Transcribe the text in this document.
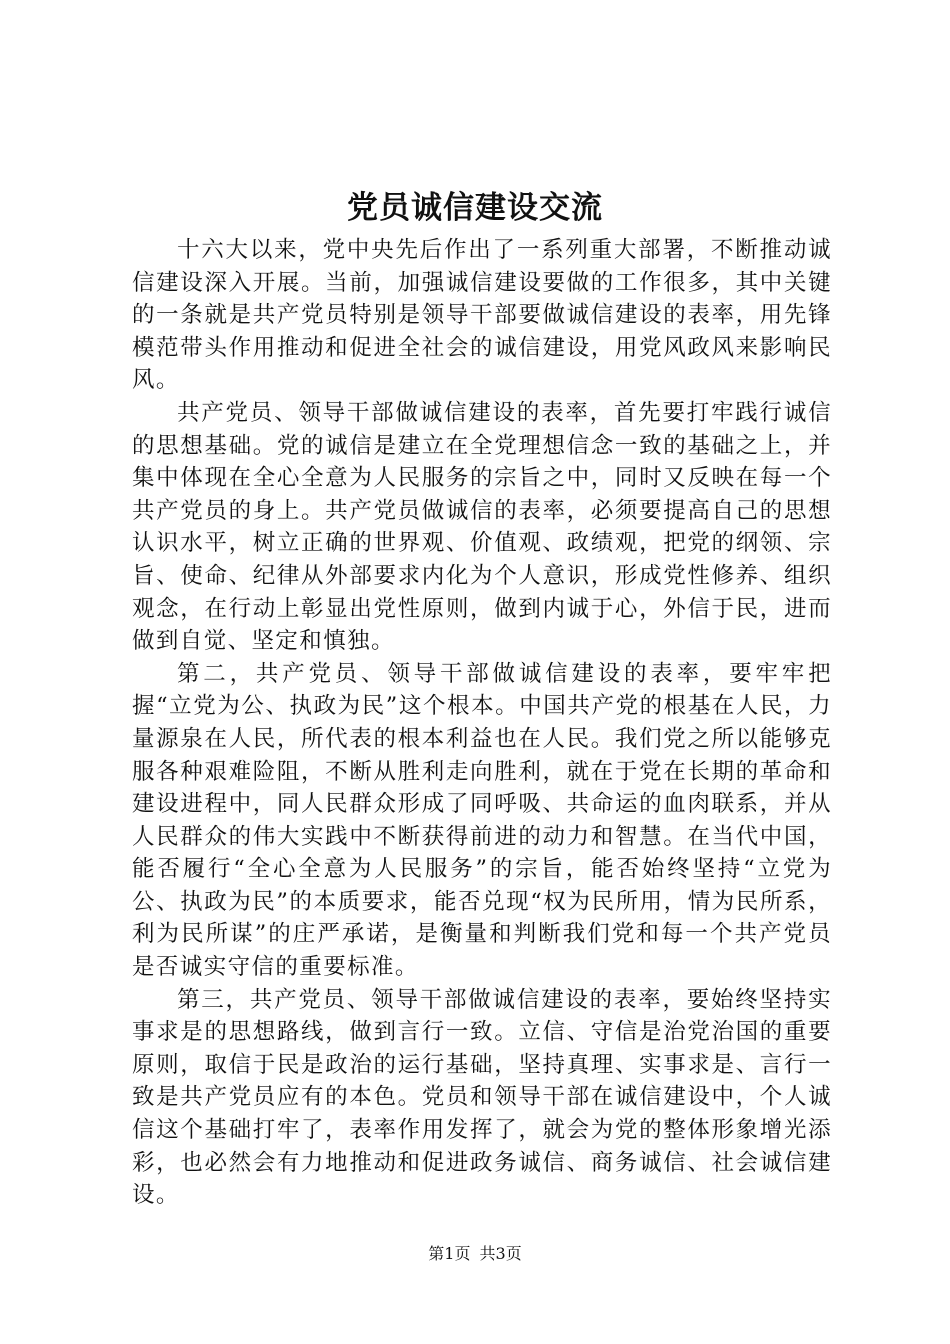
党员诚信建设交流

十六大以来，党中央先后作出了一系列重大部署，不断推动诚信建设深入开展。当前，加强诚信建设要做的工作很多，其中关键的一条就是共产党员特别是领导干部要做诚信建设的表率，用先锋模范带头作用推动和促进全社会的诚信建设，用党风政风来影响民风。

共产党员、领导干部做诚信建设的表率，首先要打牢践行诚信的思想基础。党的诚信是建立在全党理想信念一致的基础之上，并集中体现在全心全意为人民服务的宗旨之中，同时又反映在每一个共产党员的身上。共产党员做诚信的表率，必须要提高自己的思想认识水平，树立正确的世界观、价值观、政绩观，把党的纲领、宗旨、使命、纪律从外部要求内化为个人意识，形成党性修养、组织观念，在行动上彰显出党性原则，做到内诚于心，外信于民，进而做到自觉、坚定和慎独。

第二，共产党员、领导干部做诚信建设的表率，要牢牢把握“立党为公、执政为民”这个根本。中国共产党的根基在人民，力量源泉在人民，所代表的根本利益也在人民。我们党之所以能够克服各种艰难险阻，不断从胜利走向胜利，就在于党在长期的革命和建设进程中，同人民群众形成了同呼吸、共命运的血肉联系，并从人民群众的伟大实践中不断获得前进的动力和智慧。在当代中国，能否履行“全心全意为人民服务”的宗旨，能否始终坚持“立党为公、执政为民”的本质要求，能否兑现“权为民所用，情为民所系，利为民所谋”的庄严承诺，是衡量和判断我们党和每一个共产党员是否诚实守信的重要标准。

第三，共产党员、领导干部做诚信建设的表率，要始终坚持实事求是的思想路线，做到言行一致。立信、守信是治党治国的重要原则，取信于民是政治的运行基础，坚持真理、实事求是、言行一致是共产党员应有的本色。党员和领导干部在诚信建设中，个人诚信这个基础打牢了，表率作用发挥了，就会为党的整体形象增光添彩，也必然会有力地推动和促进政务诚信、商务诚信、社会诚信建设。

第1页 共3页
